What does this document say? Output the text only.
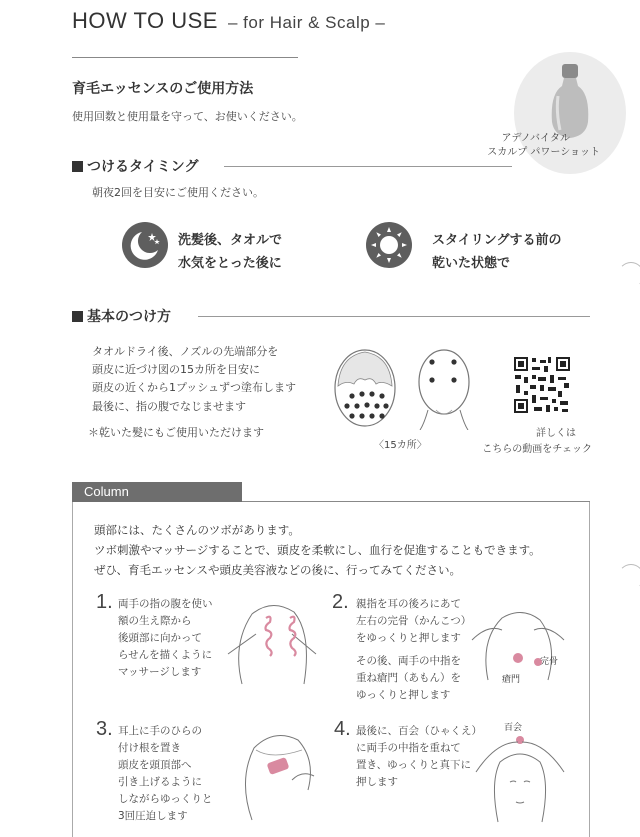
HOW TO USE – for Hair & Scalp –
育毛エッセンスのご使用方法
使用回数と使用量を守って、お使いください。
アデノバイタル
スカルプ パワーショット
つけるタイミング
朝夜2回を目安にご使用ください。
洗髪後、タオルで
水気をとった後に
スタイリングする前の
乾いた状態で
基本のつけ方
タオルドライ後、ノズルの先端部分を
頭皮に近づけ図の15カ所を目安に
頭皮の近くから1プッシュずつ塗布します
最後に、指の腹でなじませます
＊乾いた髪にもご使用いただけます
〈15カ所〉
詳しくは
こちらの動画をチェック
Column
頭部には、たくさんのツボがあります。
ツボ刺激やマッサージすることで、頭皮を柔軟にし、血行を促進することもできます。
ぜひ、育毛エッセンスや頭皮美容液などの後に、行ってみてください。
1. 両手の指の腹を使い
額の生え際から
後頭部に向かって
らせんを描くように
マッサージします
2. 親指を耳の後ろにあて
左右の完骨（かんこつ）
をゆっくりと押します
その後、両手の中指を
重ね瘡門（あもん）を
ゆっくりと押します
完骨
瘡門
3. 耳上に手のひらの
付け根を置き
頭皮を頭頂部へ
引き上げるように
しながらゆっくりと
3回圧迫します
4. 最後に、百会（ひゃくえ）
に両手の中指を重ねて
置き、ゆっくりと真下に
押します
百会
